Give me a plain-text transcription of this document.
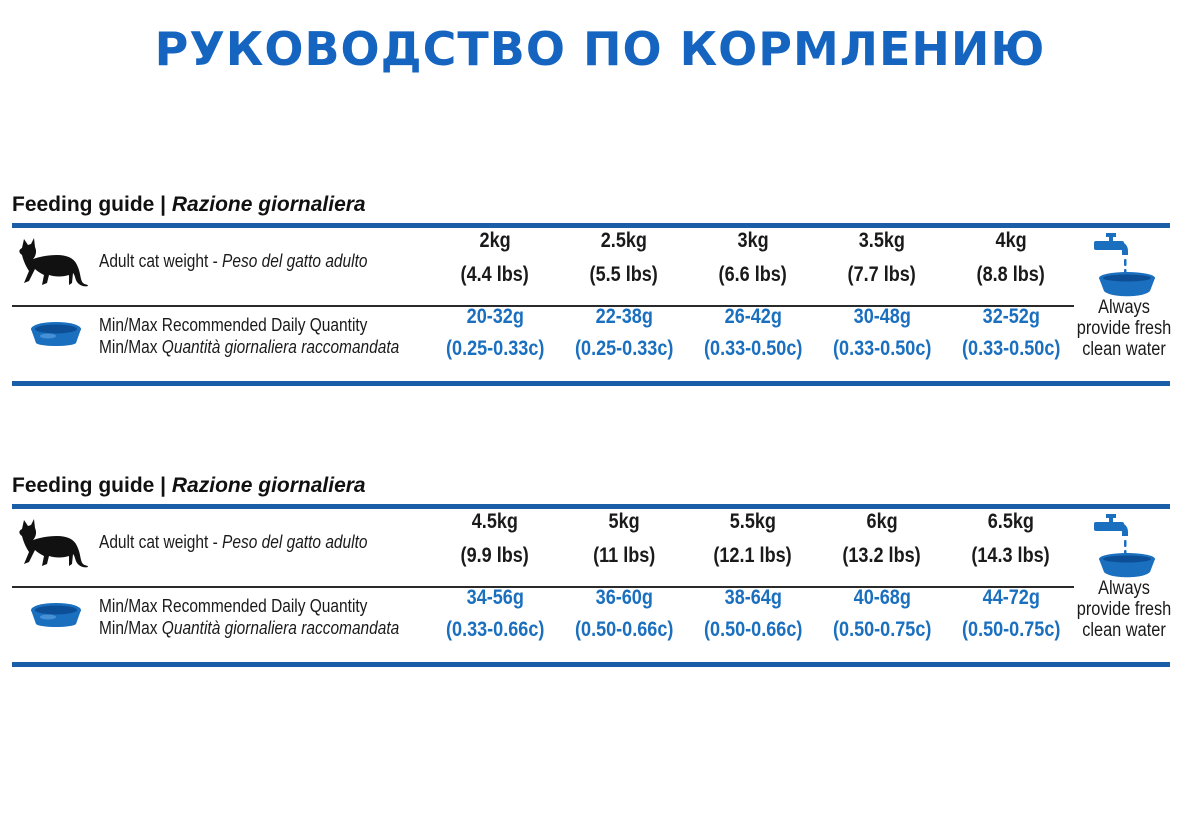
РУКОВОДСТВО ПО КОРМЛЕНИЮ
Feeding guide | Razione giornaliera
Adult cat weight - Peso del gatto adulto
2kg
(4.4 lbs)
2.5kg
(5.5 lbs)
3kg
(6.6 lbs)
3.5kg
(7.7 lbs)
4kg
(8.8 lbs)
Min/Max Recommended Daily Quantity
Min/Max Quantità giornaliera raccomandata
20-32g
(0.25-0.33c)
22-38g
(0.25-0.33c)
26-42g
(0.33-0.50c)
30-48g
(0.33-0.50c)
32-52g
(0.33-0.50c)
Always
provide fresh
clean water
Feeding guide | Razione giornaliera
Adult cat weight - Peso del gatto adulto
4.5kg
(9.9 lbs)
5kg
(11 lbs)
5.5kg
(12.1 lbs)
6kg
(13.2 lbs)
6.5kg
(14.3 lbs)
Min/Max Recommended Daily Quantity
Min/Max Quantità giornaliera raccomandata
34-56g
(0.33-0.66c)
36-60g
(0.50-0.66c)
38-64g
(0.50-0.66c)
40-68g
(0.50-0.75c)
44-72g
(0.50-0.75c)
Always
provide fresh
clean water
